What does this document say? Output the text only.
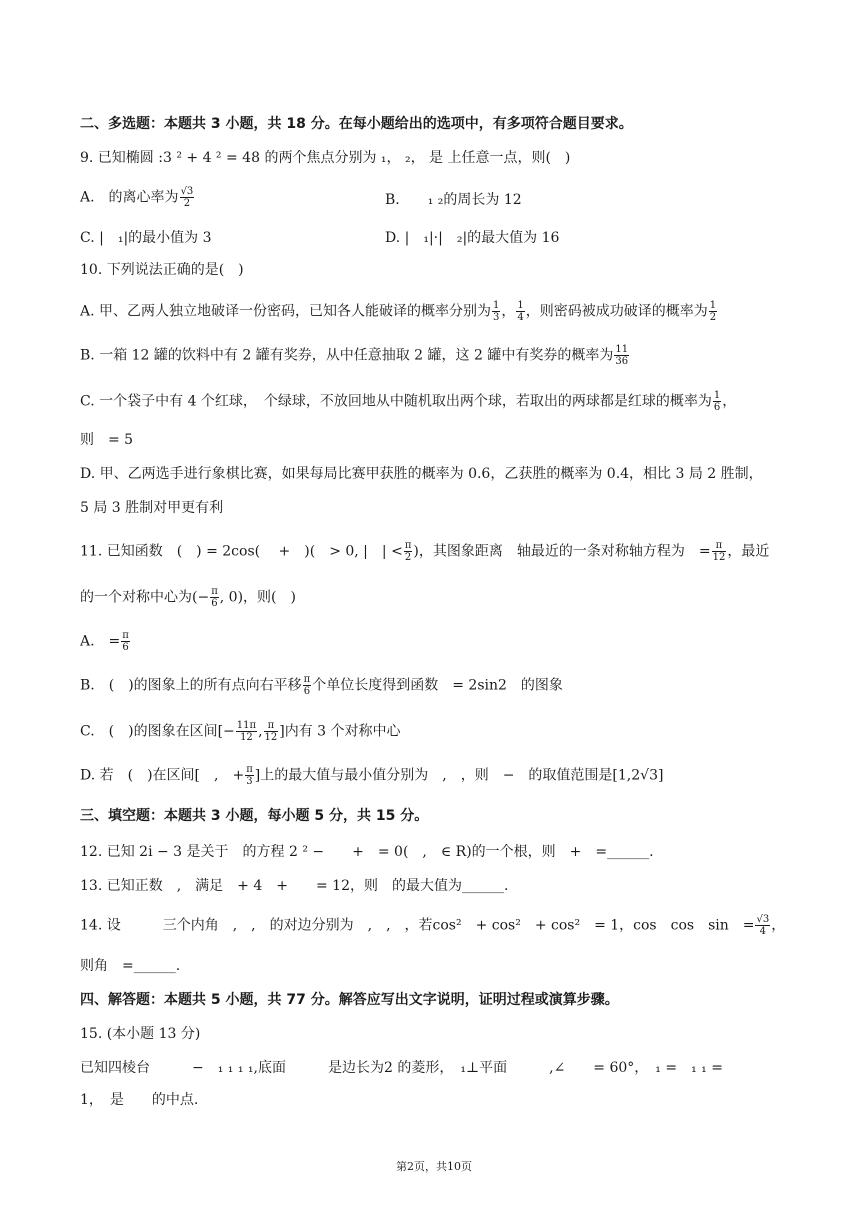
二、多选题：本题共 3 小题，共 18 分。在每小题给出的选项中，有多项符合题目要求。
9. 已知椭圆 :3 ² + 4 ² = 48 的两个焦点分别为 ₁， ₂， 是 上任意一点，则(　)
A.　的离心率为 $\frac{√3}{2}$	B.　　₁ ₂的周长为 12
C. |　₁|的最小值为 3	D. |　₁|·|　₂|的最大值为 16
10. 下列说法正确的是(　)
A. 甲、乙两人独立地破译一份密码，已知各人能破译的概率分别为 $\frac{1}{3}$ ， $\frac{1}{4}$ ，则密码被成功破译的概率为 $\frac{1}{2}$
B. 一箱 12 罐的饮料中有 2 罐有奖券，从中任意抽取 2 罐，这 2 罐中有奖券的概率为 $\frac{11}{36}$
C. 一个袋子中有 4 个红球，　个绿球，不放回地从中随机取出两个球，若取出的两球都是红球的概率为 $\frac{1}{6}$ ，
则　= 5
D. 甲、乙两选手进行象棋比赛，如果每局比赛甲获胜的概率为 0.6，乙获胜的概率为 0.4，相比 3 局 2 胜制，
5 局 3 胜制对甲更有利
11. 已知函数　(　) = 2cos(　 +　)(　> 0, |　| < $\frac{\pi}{2}$ )，其图象距离　轴最近的一条对称轴方程为　= $\frac{\pi}{12}$ ，最近
的一个对称中心为(− $\frac{\pi}{6}$ , 0)，则(　)
A.　= $\frac{\pi}{6}$
B.　(　)的图象上的所有点向右平移 $\frac{\pi}{6}$ 个单位长度得到函数　= 2sin2　的图象
C.　(　)的图象在区间[− $\frac{11\pi}{12}$ , $\frac{\pi}{12}$ ]内有 3 个对称中心
D. 若　(　)在区间[　,　+ $\frac{\pi}{3}$ ]上的最大值与最小值分别为　,　，则　−　的取值范围是[1,2√3]
三、填空题：本题共 3 小题，每小题 5 分，共 15 分。
12. 已知 2i − 3 是关于　的方程 2 ² −　　+　= 0(　,　∈ R)的一个根，则　+　=______.
13. 已知正数　,　满足　+ 4　+　　= 12，则　的最大值为______.
14. 设　　　三个内角　,　,　的对边分别为　,　,　，若cos²　+ cos²　+ cos²　= 1，cos　cos　sin　= $\frac{√3}{4}$ ，
则角　=______.
四、解答题：本题共 5 小题，共 77 分。解答应写出文字说明，证明过程或演算步骤。
15. (本小题 13 分)
已知四棱台　　　−　₁ ₁ ₁ ₁,底面　　　是边长为2 的菱形，　₁⊥平面　　　,∠　　= 60°，　₁ =　₁ ₁ =
1，　是　　的中点.
第2页，共10页
